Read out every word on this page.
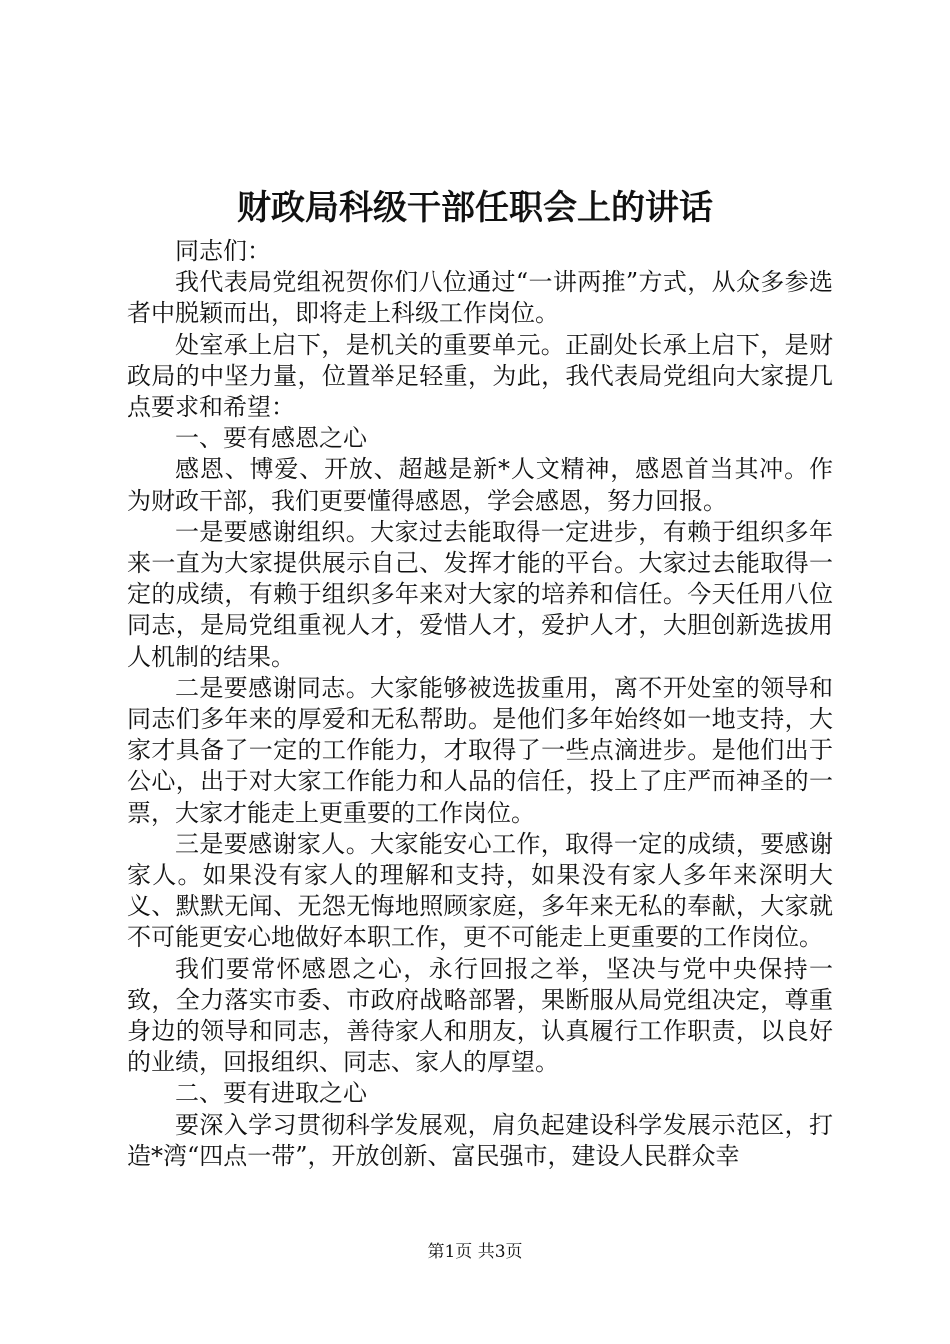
财政局科级干部任职会上的讲话

同志们：

我代表局党组祝贺你们八位通过“一讲两推”方式，从众多参选者中脱颖而出，即将走上科级工作岗位。

处室承上启下，是机关的重要单元。正副处长承上启下，是财政局的中坚力量，位置举足轻重，为此，我代表局党组向大家提几点要求和希望：

一、要有感恩之心

感恩、博爱、开放、超越是新*人文精神，感恩首当其冲。作为财政干部，我们更要懂得感恩，学会感恩，努力回报。

一是要感谢组织。大家过去能取得一定进步，有赖于组织多年来一直为大家提供展示自己、发挥才能的平台。大家过去能取得一定的成绩，有赖于组织多年来对大家的培养和信任。今天任用八位同志，是局党组重视人才，爱惜人才，爱护人才，大胆创新选拔用人机制的结果。

二是要感谢同志。大家能够被选拔重用，离不开处室的领导和同志们多年来的厚爱和无私帮助。是他们多年始终如一地支持，大家才具备了一定的工作能力，才取得了一些点滴进步。是他们出于公心，出于对大家工作能力和人品的信任，投上了庄严而神圣的一票，大家才能走上更重要的工作岗位。

三是要感谢家人。大家能安心工作，取得一定的成绩，要感谢家人。如果没有家人的理解和支持，如果没有家人多年来深明大义、默默无闻、无怨无悔地照顾家庭，多年来无私的奉献，大家就不可能更安心地做好本职工作，更不可能走上更重要的工作岗位。

我们要常怀感恩之心，永行回报之举，坚决与党中央保持一致，全力落实市委、市政府战略部署，果断服从局党组决定，尊重身边的领导和同志，善待家人和朋友，认真履行工作职责，以良好的业绩，回报组织、同志、家人的厚望。

二、要有进取之心

要深入学习贯彻科学发展观，肩负起建设科学发展示范区，打造*湾“四点一带”，开放创新、富民强市，建设人民群众幸

第1页 共3页
